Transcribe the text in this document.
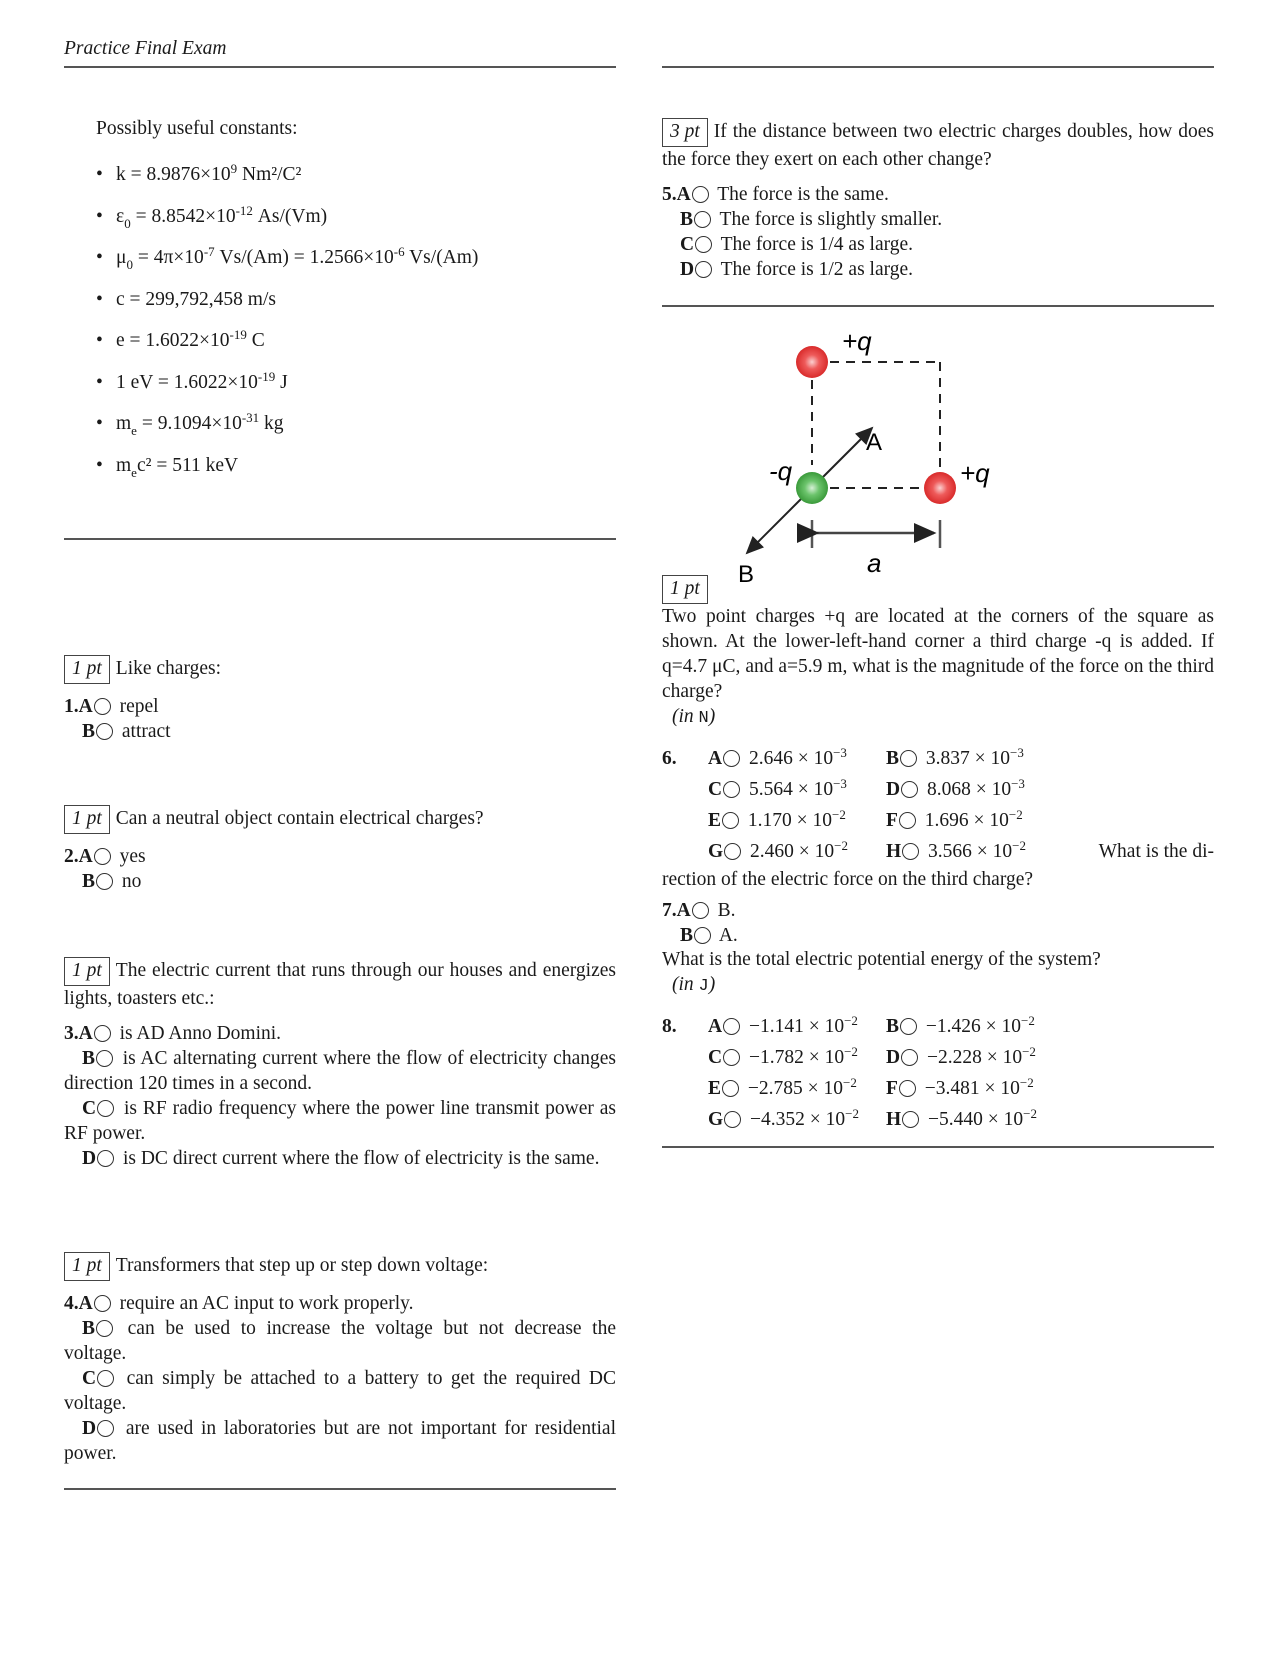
Practice Final Exam

Possibly useful constants:

• $k = 8.9876\times 10^9$ Nm²/C²
• $\varepsilon_0 = 8.8542\times 10^{-12}$ As/(Vm)
• $\mu_0 = 4\pi\times 10^{-7}$ $Vs/(Am) = 1.2566\times 10^{-6}$ Vs/(Am)
• c = 299,792,458 m/s
• $e = 1.6022\times 10^{-19}$ C
• 1 eV = $1.6022\times 10^{-19}$ J
• $m_e = 9.1094\times 10^{-31}$ kg
• $m_ec^2 = 511$ keV
1 pt Like charges:
1.A repel
B attract
1 pt Can a neutral object contain electrical charges?
2.A yes
B no
1 pt The electric current that runs through our houses and energizes lights, toasters etc.:
3.A is AD Anno Domini.
B is AC alternating current where the flow of electricity changes direction 120 times in a second.
C is RF radio frequency where the power line transmit power as RF power.
D is DC direct current where the flow of electricity is the same.
1 pt Transformers that step up or step down voltage:
4.A require an AC input to work properly.
B can be used to increase the voltage but not decrease the voltage.
C can simply be attached to a battery to get the required DC voltage.
D are used in laboratories but are not important for residential power.
3 pt If the distance between two electric charges doubles, how does the force they exert on each other change?
5.A The force is the same.
B The force is slightly smaller.
C The force is 1/4 as large.
D The force is 1/2 as large.
+q
+q
-q
A
B	a
1 pt
Two point charges +q are located at the corners of the square as shown. At the lower-left-hand corner a third charge -q is added. If q=4.7 μC, and a=5.9 m, what is the magnitude of the force on the third charge?
(in N)
6. A $2.646 \times 10^{-3}$ B $3.837 \times 10^{-3}$
C $5.564 \times 10^{-3}$ D $8.068 \times 10^{-3}$
E $1.170 \times 10^{-2}$ F $1.696 \times 10^{-2}$
G $2.460 \times 10^{-2}$ H $3.566 \times 10^{-2}$	What is the di-
rection of the electric force on the third charge?
7.A B.
B A.
What is the total electric potential energy of the system?
(in J)
8. $A -1.141 \times 10^{-2}$ $B -1.426 \times 10^{-2}$
$C -1.782 \times 10^{-2}$ $D -2.228 \times 10^{-2}$
$E -2.785 \times 10^{-2}$ $F -3.481 \times 10^{-2}$
$G -4.352 \times 10^{-2}$ $H -5.440 \times 10^{-2}$
